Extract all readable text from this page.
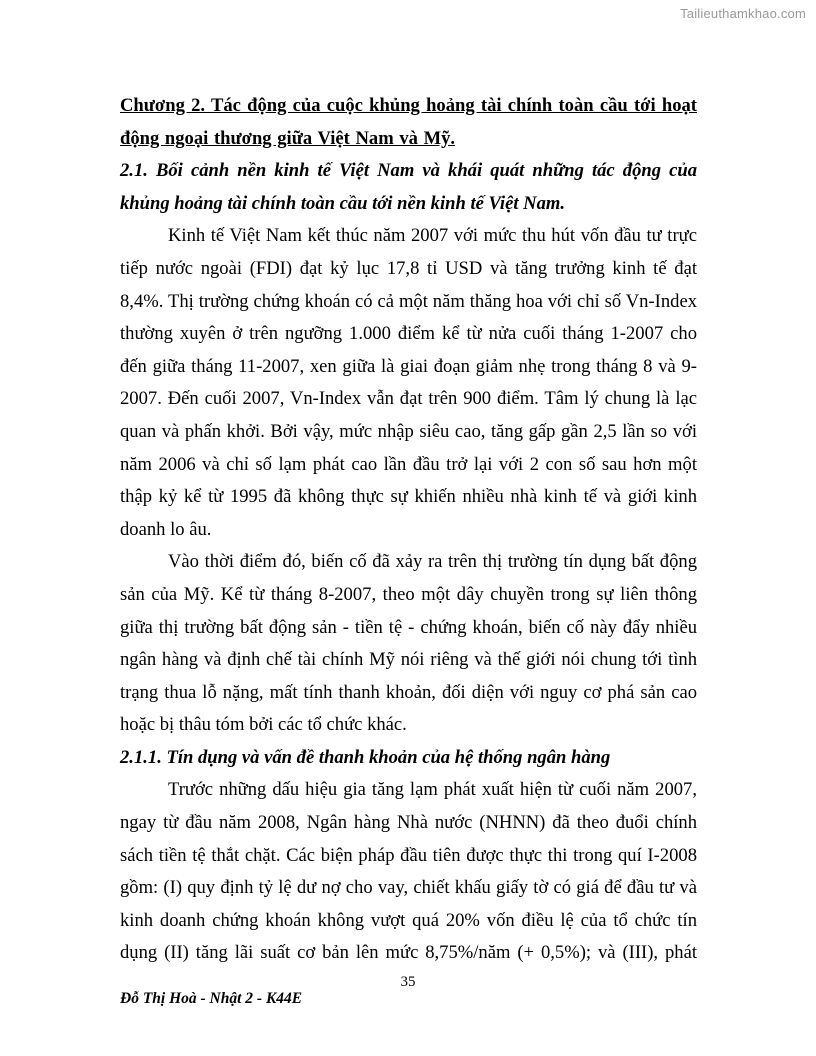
Tailieuthamkhao.com

Chương 2. Tác động của cuộc khủng hoảng tài chính toàn cầu tới hoạt động ngoại thương giữa Việt Nam và Mỹ.

2.1. Bối cảnh nền kinh tế Việt Nam và khái quát những tác động của khủng hoảng tài chính toàn cầu tới nền kinh tế Việt Nam.

Kinh tế Việt Nam kết thúc năm 2007 với mức thu hút vốn đầu tư trực tiếp nước ngoài (FDI) đạt kỷ lục 17,8 tỉ USD và tăng trưởng kinh tế đạt 8,4%. Thị trường chứng khoán có cả một năm thăng hoa với chỉ số Vn-Index thường xuyên ở trên ngưỡng 1.000 điểm kể từ nửa cuối tháng 1-2007 cho đến giữa tháng 11-2007, xen giữa là giai đoạn giảm nhẹ trong tháng 8 và 9-2007. Đến cuối 2007, Vn-Index vẫn đạt trên 900 điểm. Tâm lý chung là lạc quan và phấn khởi. Bởi vậy, mức nhập siêu cao, tăng gấp gần 2,5 lần so với năm 2006 và chỉ số lạm phát cao lần đầu trở lại với 2 con số sau hơn một thập kỷ kể từ 1995 đã không thực sự khiến nhiều nhà kinh tế và giới kinh doanh lo âu.

Vào thời điểm đó, biến cố đã xảy ra trên thị trường tín dụng bất động sản của Mỹ. Kể từ tháng 8-2007, theo một dây chuyền trong sự liên thông giữa thị trường bất động sản - tiền tệ - chứng khoán, biến cố này đẩy nhiều ngân hàng và định chế tài chính Mỹ nói riêng và thế giới nói chung tới tình trạng thua lỗ nặng, mất tính thanh khoản, đối diện với nguy cơ phá sản cao hoặc bị thâu tóm bởi các tổ chức khác.

2.1.1. Tín dụng và vấn đề thanh khoản của hệ thống ngân hàng

Trước những dấu hiệu gia tăng lạm phát xuất hiện từ cuối năm 2007, ngay từ đầu năm 2008, Ngân hàng Nhà nước (NHNN) đã theo đuổi chính sách tiền tệ thắt chặt. Các biện pháp đầu tiên được thực thi trong quí I-2008 gồm: (I) quy định tỷ lệ dư nợ cho vay, chiết khấu giấy tờ có giá để đầu tư và kinh doanh chứng khoán không vượt quá 20% vốn điều lệ của tổ chức tín dụng (II) tăng lãi suất cơ bản lên mức 8,75%/năm (+ 0,5%); và (III), phát

35
Đỗ Thị Hoà - Nhật 2 - K44E
